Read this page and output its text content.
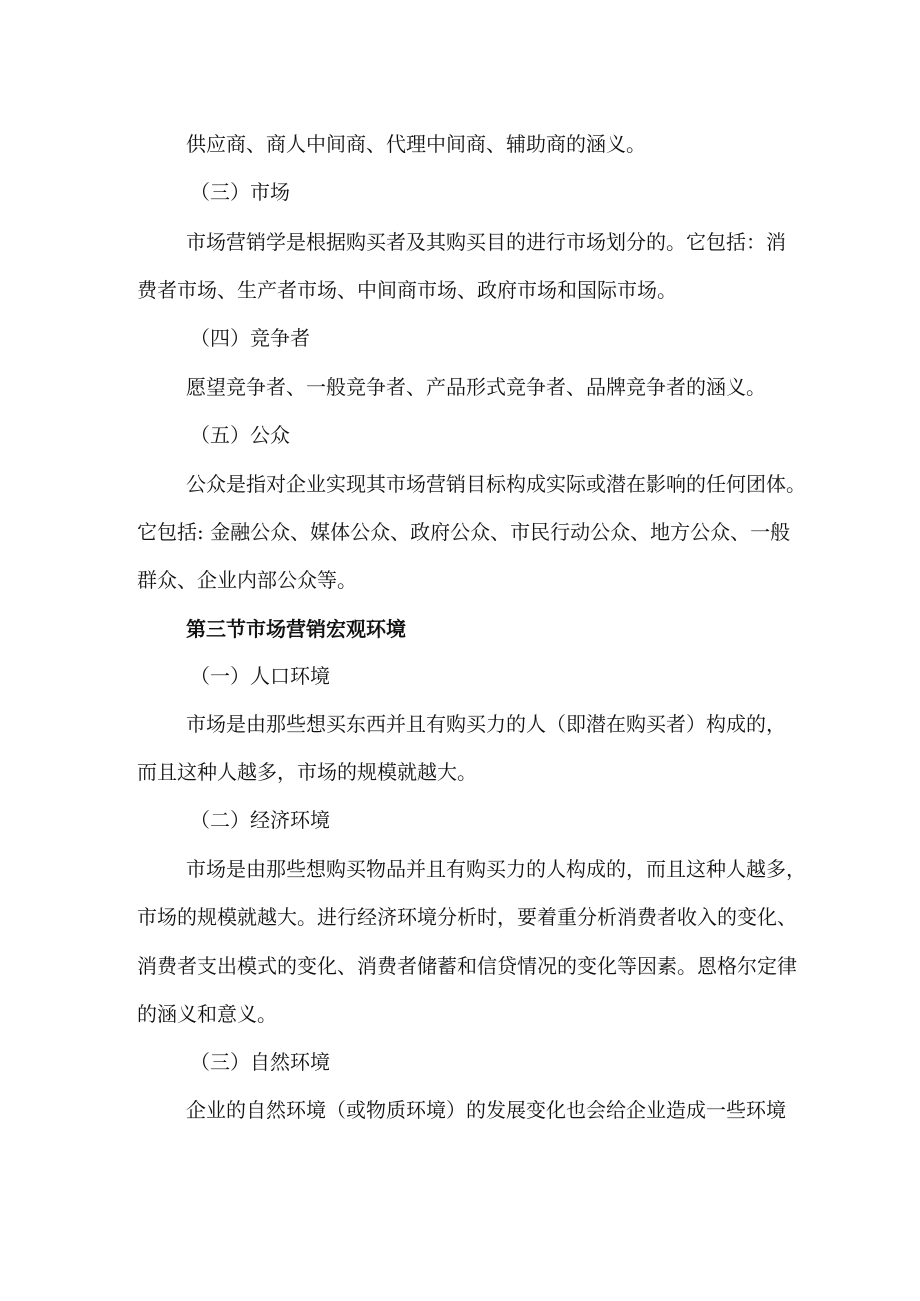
供应商、商人中间商、代理中间商、辅助商的涵义。
（三）市场
市场营销学是根据购买者及其购买目的进行市场划分的。它包括：消
费者市场、生产者市场、中间商市场、政府市场和国际市场。
（四）竞争者
愿望竞争者、一般竞争者、产品形式竞争者、品牌竞争者的涵义。
（五）公众
公众是指对企业实现其市场营销目标构成实际或潜在影响的任何团体。
它包括: 金融公众、媒体公众、政府公众、市民行动公众、地方公众、一般
群众、企业内部公众等。
第三节市场营销宏观环境
（一）人口环境
市场是由那些想买东西并且有购买力的人（即潜在购买者）构成的，
而且这种人越多，市场的规模就越大。
（二）经济环境
市场是由那些想购买物品并且有购买力的人构成的，而且这种人越多，
市场的规模就越大。进行经济环境分析时，要着重分析消费者收入的变化、
消费者支出模式的变化、消费者储蓄和信贷情况的变化等因素。恩格尔定律
的涵义和意义。
（三）自然环境
企业的自然环境（或物质环境）的发展变化也会给企业造成一些环境
